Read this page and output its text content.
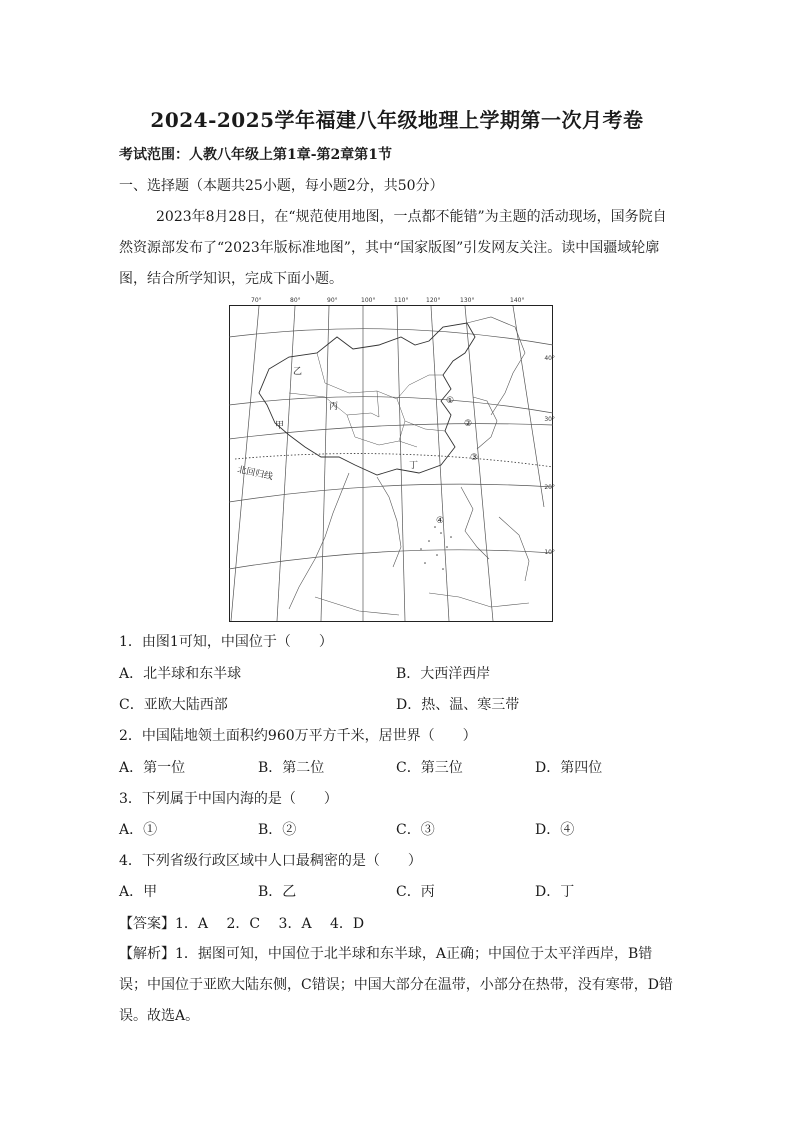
2024-2025学年福建八年级地理上学期第一次月考卷
考试范围：人教八年级上第1章-第2章第1节
一、选择题（本题共25小题，每小题2分，共50分）
2023年8月28日，在“规范使用地图，一点都不能错”为主题的活动现场，国务院自然资源部发布了“2023年版标准地图”，其中“国家版图”引发网友关注。读中国疆域轮廓图，结合所学知识，完成下面小题。
70°	80°	90°	100°	110°	120°	130°	140°
40°
30°
20°
10°
北回归线
乙
丙
甲
丁
①
②
③
④
1．由图1可知，中国位于（　　）
A．北半球和东半球	B．大西洋西岸
C．亚欧大陆西部	D．热、温、寒三带
2．中国陆地领土面积约960万平方千米，居世界（　　）
A．第一位	B．第二位	C．第三位	D．第四位
3．下列属于中国内海的是（　　）
A．①	B．②	C．③	D．④
4．下列省级行政区域中人口最稠密的是（　　）
A．甲	B．乙	C．丙	D．丁
【答案】1．A　 2．C　 3．A　 4．D
【解析】1．据图可知，中国位于北半球和东半球，A正确；中国位于太平洋西岸，B错误；中国位于亚欧大陆东侧，C错误；中国大部分在温带，小部分在热带，没有寒带，D错误。故选A。
